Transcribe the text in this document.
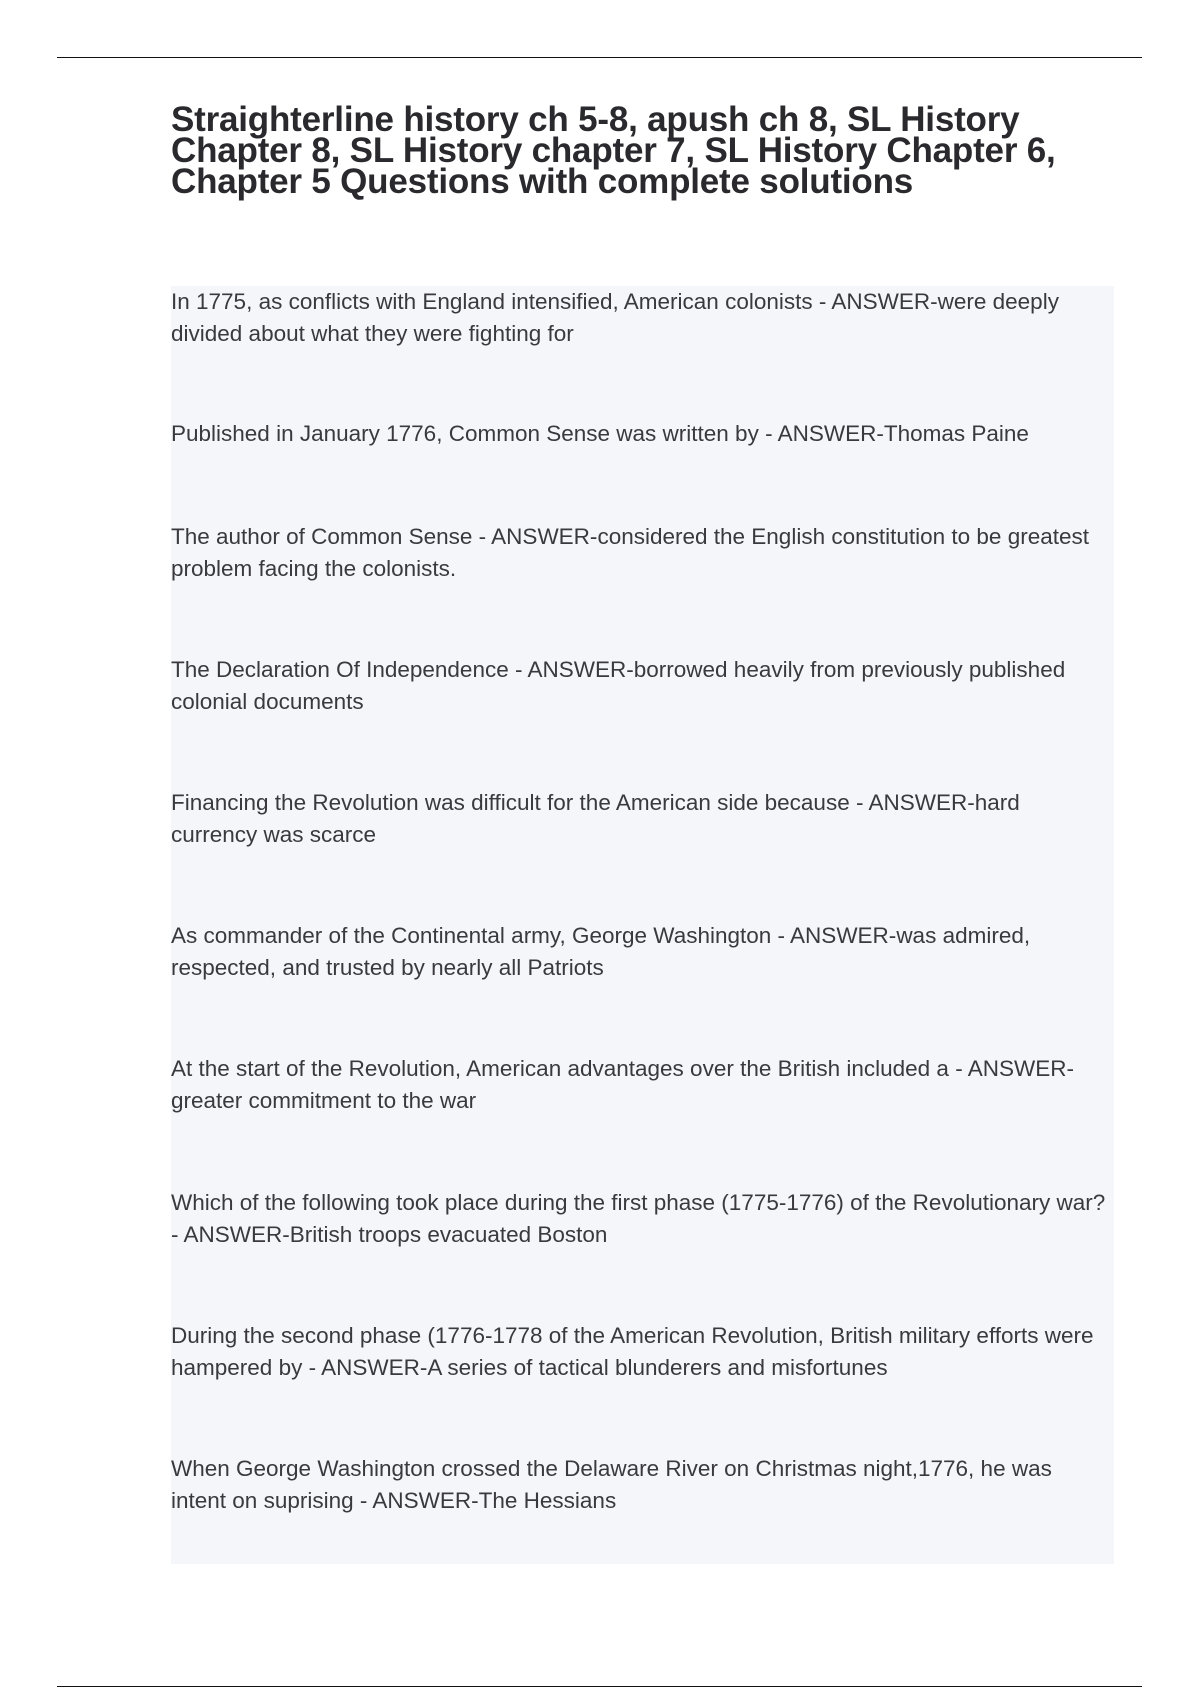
Straighterline history ch 5-8, apush ch 8, SL History Chapter 8, SL History chapter 7, SL History Chapter 6, Chapter 5 Questions with complete solutions

In 1775, as conflicts with England intensified, American colonists - ANSWER-were deeply divided about what they were fighting for

Published in January 1776, Common Sense was written by - ANSWER-Thomas Paine

The author of Common Sense - ANSWER-considered the English constitution to be greatest problem facing the colonists.

The Declaration Of Independence - ANSWER-borrowed heavily from previously published colonial documents

Financing the Revolution was difficult for the American side because - ANSWER-hard currency was scarce

As commander of the Continental army, George Washington - ANSWER-was admired, respected, and trusted by nearly all Patriots

At the start of the Revolution, American advantages over the British included a - ANSWER-greater commitment to the war

Which of the following took place during the first phase (1775-1776) of the Revolutionary war? - ANSWER-British troops evacuated Boston

During the second phase (1776-1778 of the American Revolution, British military efforts were hampered by - ANSWER-A series of tactical blunderers and misfortunes

When George Washington crossed the Delaware River on Christmas night,1776, he was intent on suprising - ANSWER-The Hessians
